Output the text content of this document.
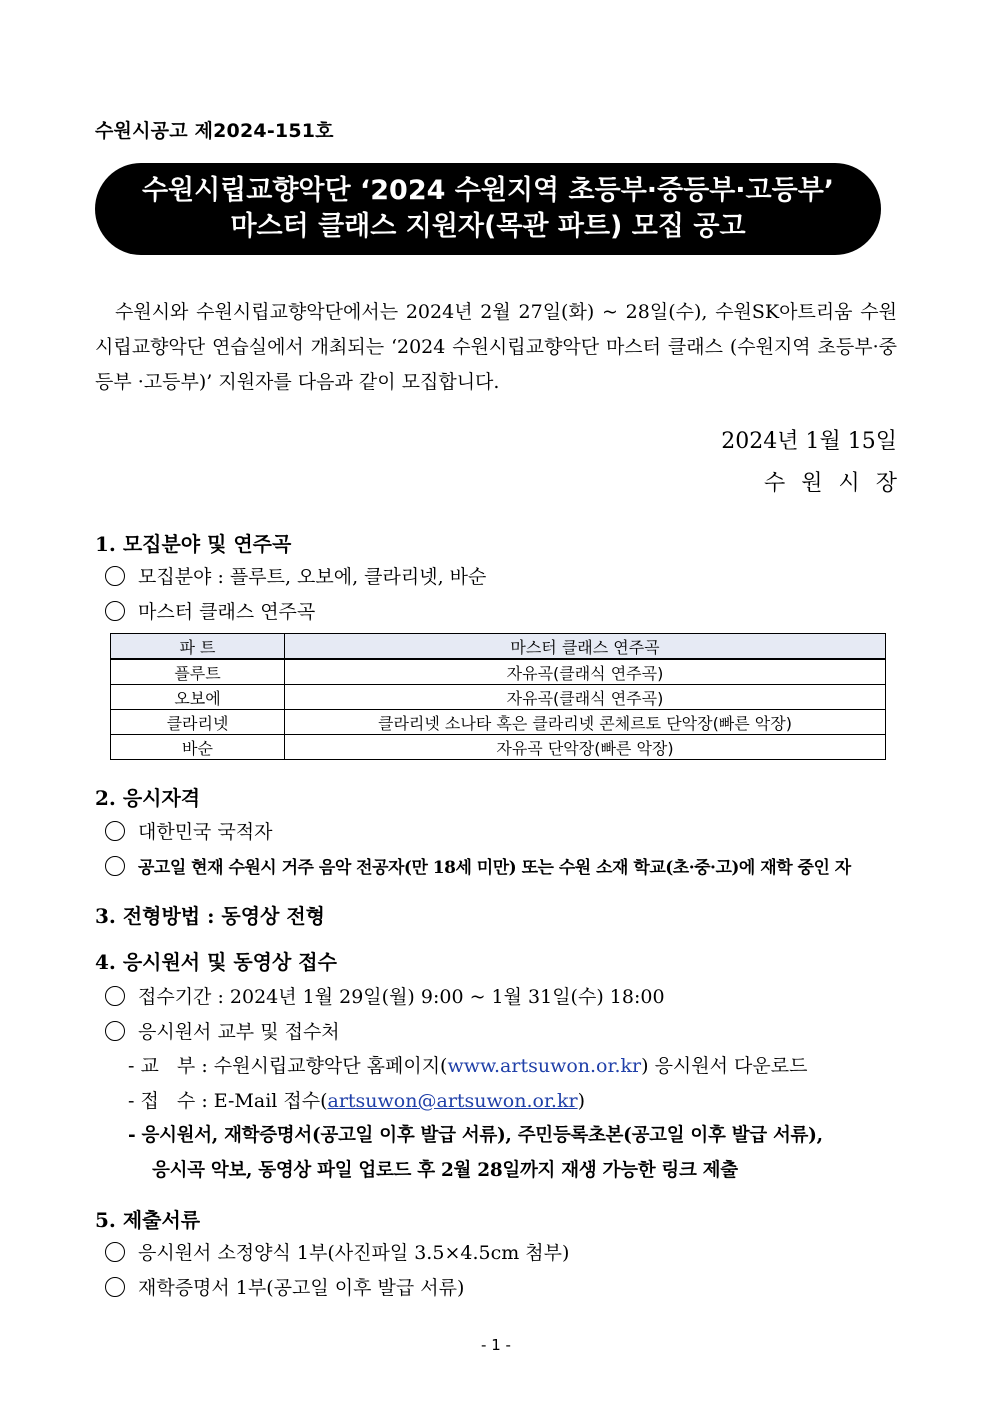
수원시공고 제2024-151호
수원시립교향악단 ‘2024 수원지역 초등부·중등부·고등부’
마스터 클래스 지원자(목관 파트) 모집 공고

수원시와 수원시립교향악단에서는 2024년 2월 27일(화) ~ 28일(수), 수원SK아트리움 수원시립교향악단 연습실에서 개최되는 ‘2024 수원시립교향악단 마스터 클래스 (수원지역 초등부·중등부 ·고등부)’ 지원자를 다음과 같이 모집합니다.

2024년 1월 15일
수원시장
1. 모집분야 및 연주곡
모집분야 : 플루트, 오보에, 클라리넷, 바순
마스터 클래스 연주곡
파 트	마스터 클래스 연주곡
플루트	자유곡(클래식 연주곡)
오보에	자유곡(클래식 연주곡)
클라리넷	클라리넷 소나타 혹은 클라리넷 콘체르토 단악장(빠른 악장)
바순	자유곡 단악장(빠른 악장)
2. 응시자격
대한민국 국적자
공고일 현재 수원시 거주 음악 전공자(만 18세 미만) 또는 수원 소재 학교(초·중·고)에 재학 중인 자
3. 전형방법 : 동영상 전형
4. 응시원서 및 동영상 접수
접수기간 : 2024년 1월 29일(월) 9:00 ~ 1월 31일(수) 18:00
응시원서 교부 및 접수처
- 교   부 : 수원시립교향악단 홈페이지(www.artsuwon.or.kr) 응시원서 다운로드
- 접   수 : E-Mail 접수(artsuwon@artsuwon.or.kr)
- 응시원서, 재학증명서(공고일 이후 발급 서류), 주민등록초본(공고일 이후 발급 서류),
응시곡 악보, 동영상 파일 업로드 후 2월 28일까지 재생 가능한 링크 제출
5. 제출서류
응시원서 소정양식 1부(사진파일 3.5×4.5cm 첨부)
재학증명서 1부(공고일 이후 발급 서류)
- 1 -
